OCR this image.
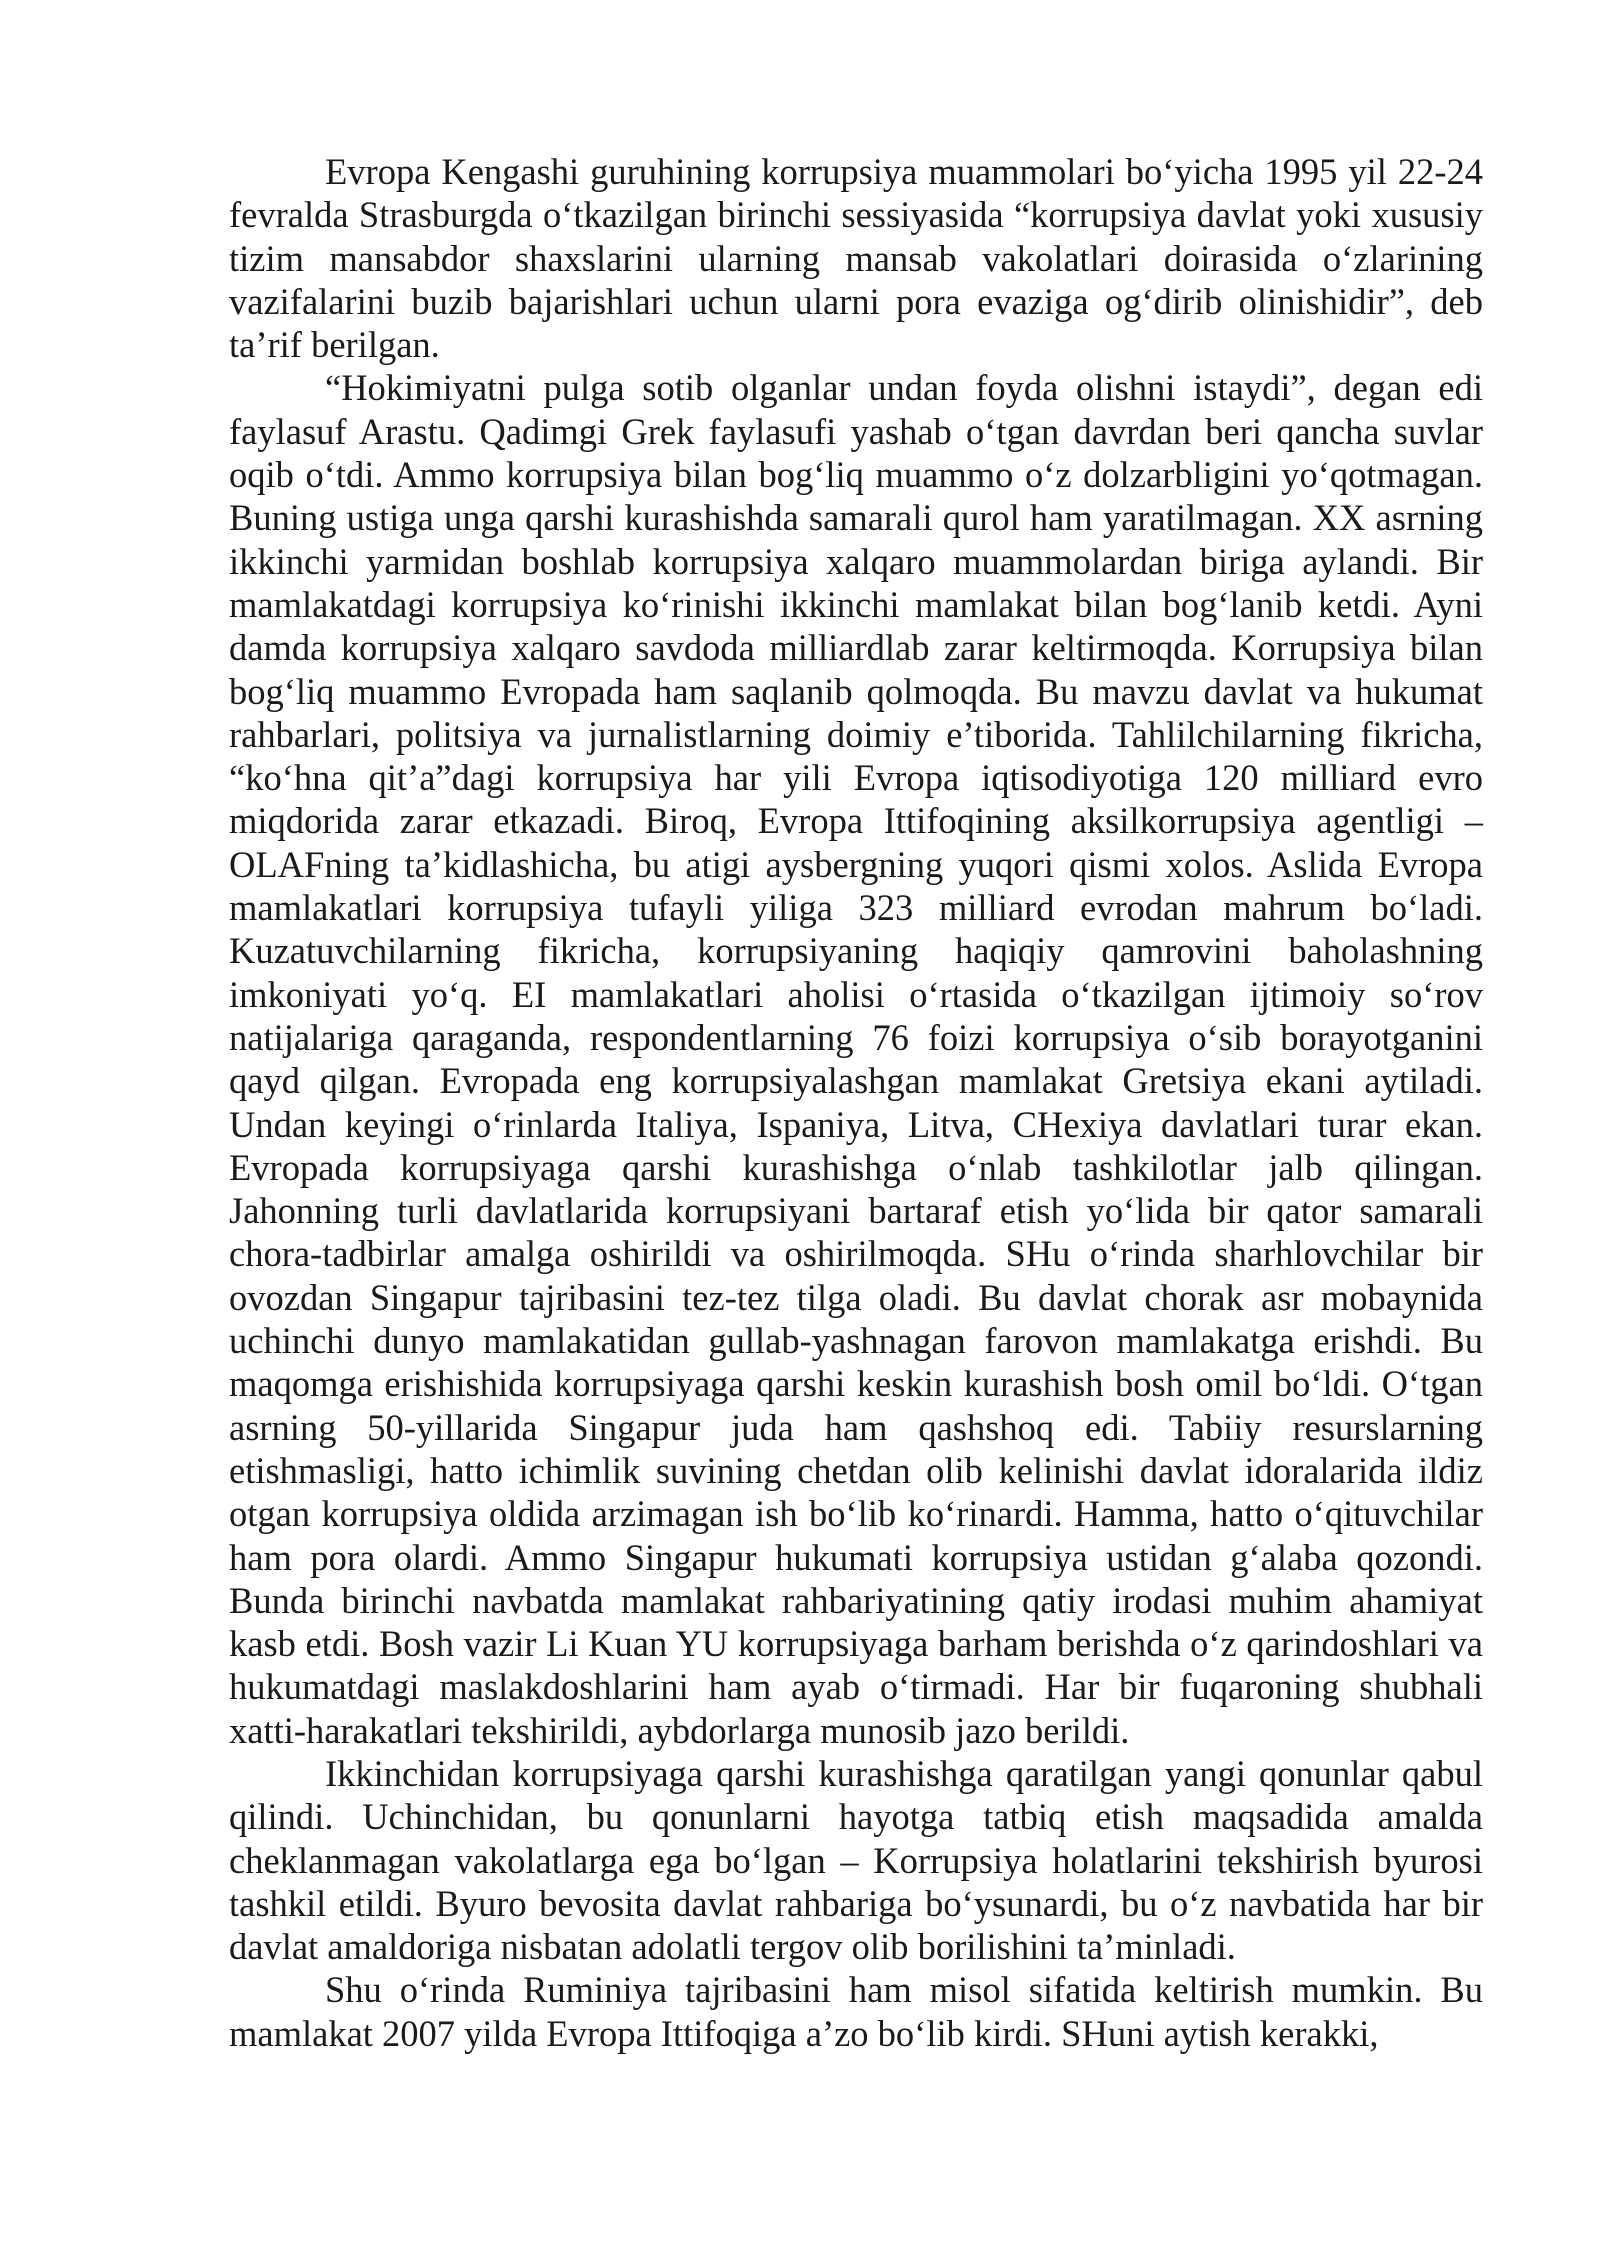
Evropa Kengashi guruhining korrupsiya muammolari bo‘yicha 1995 yil 22-24 fevralda Strasburgda o‘tkazilgan birinchi sessiyasida “korrupsiya davlat yoki xususiy tizim mansabdor shaxslarini ularning mansab vakolatlari doirasida o‘zlarining vazifalarini buzib bajarishlari uchun ularni pora evaziga og‘dirib olinishidir”, deb ta’rif berilgan.

“Hokimiyatni pulga sotib olganlar undan foyda olishni istaydi”, degan edi faylasuf Arastu. Qadimgi Grek faylasufi yashab o‘tgan davrdan beri qancha suvlar oqib o‘tdi. Ammo korrupsiya bilan bog‘liq muammo o‘z dolzarbligini yo‘qotmagan. Buning ustiga unga qarshi kurashishda samarali qurol ham yaratilmagan. XX asrning ikkinchi yarmidan boshlab korrupsiya xalqaro muammolardan biriga aylandi. Bir mamlakatdagi korrupsiya ko‘rinishi ikkinchi mamlakat bilan bog‘lanib ketdi. Ayni damda korrupsiya xalqaro savdoda milliardlab zarar keltirmoqda. Korrupsiya bilan bog‘liq muammo Evropada ham saqlanib qolmoqda. Bu mavzu davlat va hukumat rahbarlari, politsiya va jurnalistlarning doimiy e’tiborida. Tahlilchilarning fikricha, “ko‘hna qit’a”dagi korrupsiya har yili Evropa iqtisodiyotiga 120 milliard evro miqdorida zarar etkazadi. Biroq, Evropa Ittifoqining aksilkorrupsiya agentligi – OLAFning ta’kidlashicha, bu atigi aysbergning yuqori qismi xolos. Aslida Evropa mamlakatlari korrupsiya tufayli yiliga 323 milliard evrodan mahrum bo‘ladi. Kuzatuvchilarning fikricha, korrupsiyaning haqiqiy qamrovini baholashning imkoniyati yo‘q. EI mamlakatlari aholisi o‘rtasida o‘tkazilgan ijtimoiy so‘rov natijalariga qaraganda, respondentlarning 76 foizi korrupsiya o‘sib borayotganini qayd qilgan. Evropada eng korrupsiyalashgan mamlakat Gretsiya ekani aytiladi. Undan keyingi o‘rinlarda Italiya, Ispaniya, Litva, CHexiya davlatlari turar ekan. Evropada korrupsiyaga qarshi kurashishga o‘nlab tashkilotlar jalb qilingan. Jahonning turli davlatlarida korrupsiyani bartaraf etish yo‘lida bir qator samarali chora-tadbirlar amalga oshirildi va oshirilmoqda. SHu o‘rinda sharhlovchilar bir ovozdan Singapur tajribasini tez-tez tilga oladi. Bu davlat chorak asr mobaynida uchinchi dunyo mamlakatidan gullab-yashnagan farovon mamlakatga erishdi. Bu maqomga erishishida korrupsiyaga qarshi keskin kurashish bosh omil bo‘ldi. O‘tgan asrning 50-yillarida Singapur juda ham qashshoq edi. Tabiiy resurslarning etishmasligi, hatto ichimlik suvining chetdan olib kelinishi davlat idoralarida ildiz otgan korrupsiya oldida arzimagan ish bo‘lib ko‘rinardi. Hamma, hatto o‘qituvchilar ham pora olardi. Ammo Singapur hukumati korrupsiya ustidan g‘alaba qozondi. Bunda birinchi navbatda mamlakat rahbariyatining qatiy irodasi muhim ahamiyat kasb etdi. Bosh vazir Li Kuan YU korrupsiyaga barham berishda o‘z qarindoshlari va hukumatdagi maslakdoshlarini ham ayab o‘tirmadi. Har bir fuqaroning shubhali xatti-harakatlari tekshirildi, aybdorlarga munosib jazo berildi.

Ikkinchidan korrupsiyaga qarshi kurashishga qaratilgan yangi qonunlar qabul qilindi. Uchinchidan, bu qonunlarni hayotga tatbiq etish maqsadida amalda cheklanmagan vakolatlarga ega bo‘lgan – Korrupsiya holatlarini tekshirish byurosi tashkil etildi. Byuro bevosita davlat rahbariga bo‘ysunardi, bu o‘z navbatida har bir davlat amaldoriga nisbatan adolatli tergov olib borilishini ta’minladi.

Shu o‘rinda Ruminiya tajribasini ham misol sifatida keltirish mumkin. Bu mamlakat 2007 yilda Evropa Ittifoqiga a’zo bo‘lib kirdi. SHuni aytish kerakki,
